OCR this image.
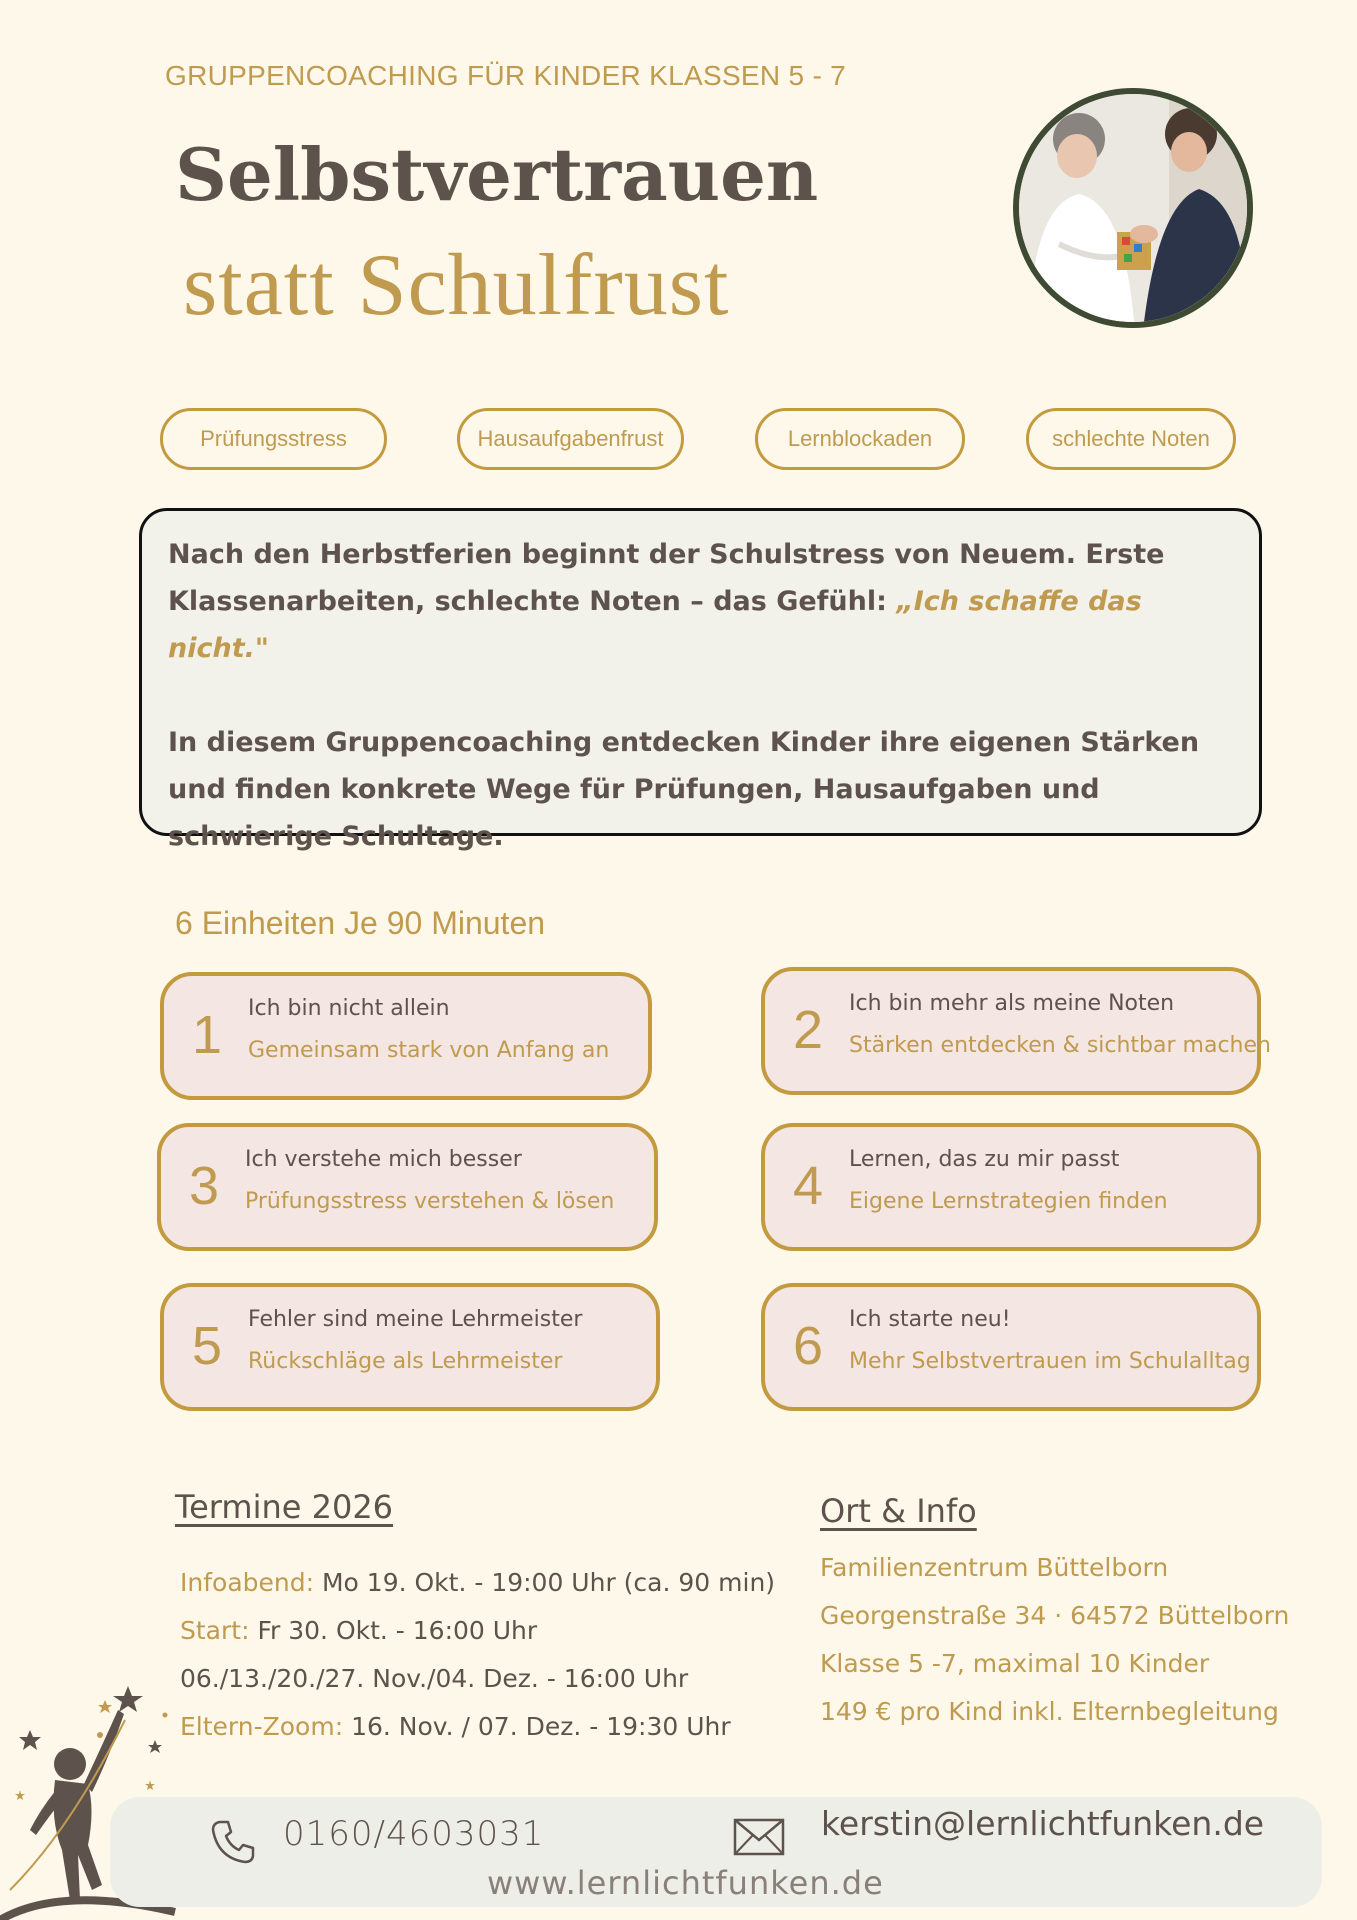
GRUPPENCOACHING FÜR KINDER KLASSEN 5 - 7
Selbstvertrauen
statt Schulfrust
Prüfungsstress	Hausaufgabenfrust	Lernblockaden	schlechte Noten
Nach den Herbstferien beginnt der Schulstress von Neuem. Erste Klassenarbeiten, schlechte Noten – das Gefühl: „Ich schaffe das nicht."
In diesem Gruppencoaching entdecken Kinder ihre eigenen Stärken und finden konkrete Wege für Prüfungen, Hausaufgaben und schwierige Schultage.
6 Einheiten Je 90 Minuten
1 Ich bin nicht allein
Gemeinsam stark von Anfang an	2 Ich bin mehr als meine Noten
Stärken entdecken & sichtbar machen
3 Ich verstehe mich besser
Prüfungsstress verstehen & lösen	4 Lernen, das zu mir passt
Eigene Lernstrategien finden
5 Fehler sind meine Lehrmeister
Rückschläge als Lehrmeister	6 Ich starte neu!
Mehr Selbstvertrauen im Schulalltag
Termine 2026
Infoabend: Mo 19. Okt. - 19:00 Uhr (ca. 90 min)
Start: Fr 30. Okt. - 16:00 Uhr
06./13./20./27. Nov./04. Dez. - 16:00 Uhr
Eltern-Zoom: 16. Nov. / 07. Dez. - 19:30 Uhr
Ort & Info
Familienzentrum Büttelborn
Georgenstraße 34 · 64572 Büttelborn
Klasse 5 -7, maximal 10 Kinder
149 € pro Kind inkl. Elternbegleitung
0160/4603031	kerstin@lernlichtfunken.de
www.lernlichtfunken.de
